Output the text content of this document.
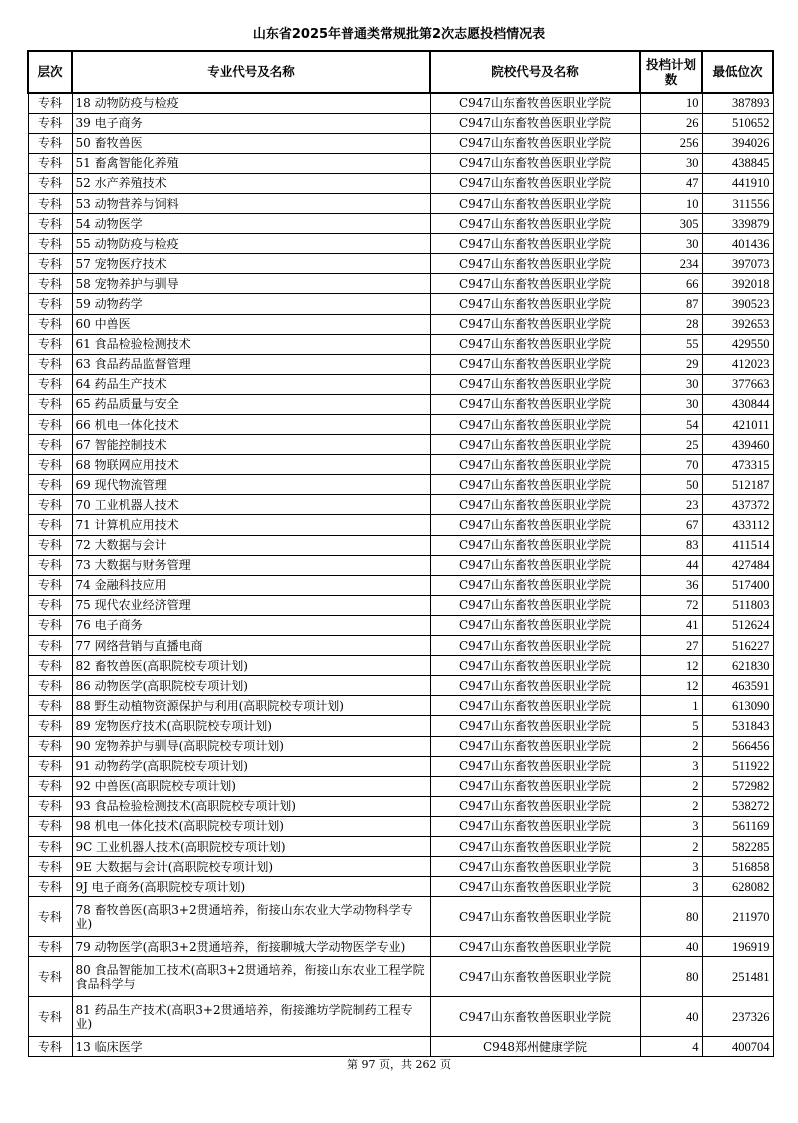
山东省2025年普通类常规批第2次志愿投档情况表
层次	专业代号及名称	院校代号及名称	投档计划数	最低位次
专科	18 动物防疫与检疫	C947山东畜牧兽医职业学院	10	387893
专科	39 电子商务	C947山东畜牧兽医职业学院	26	510652
专科	50 畜牧兽医	C947山东畜牧兽医职业学院	256	394026
专科	51 畜禽智能化养殖	C947山东畜牧兽医职业学院	30	438845
专科	52 水产养殖技术	C947山东畜牧兽医职业学院	47	441910
专科	53 动物营养与饲料	C947山东畜牧兽医职业学院	10	311556
专科	54 动物医学	C947山东畜牧兽医职业学院	305	339879
专科	55 动物防疫与检疫	C947山东畜牧兽医职业学院	30	401436
专科	57 宠物医疗技术	C947山东畜牧兽医职业学院	234	397073
专科	58 宠物养护与驯导	C947山东畜牧兽医职业学院	66	392018
专科	59 动物药学	C947山东畜牧兽医职业学院	87	390523
专科	60 中兽医	C947山东畜牧兽医职业学院	28	392653
专科	61 食品检验检测技术	C947山东畜牧兽医职业学院	55	429550
专科	63 食品药品监督管理	C947山东畜牧兽医职业学院	29	412023
专科	64 药品生产技术	C947山东畜牧兽医职业学院	30	377663
专科	65 药品质量与安全	C947山东畜牧兽医职业学院	30	430844
专科	66 机电一体化技术	C947山东畜牧兽医职业学院	54	421011
专科	67 智能控制技术	C947山东畜牧兽医职业学院	25	439460
专科	68 物联网应用技术	C947山东畜牧兽医职业学院	70	473315
专科	69 现代物流管理	C947山东畜牧兽医职业学院	50	512187
专科	70 工业机器人技术	C947山东畜牧兽医职业学院	23	437372
专科	71 计算机应用技术	C947山东畜牧兽医职业学院	67	433112
专科	72 大数据与会计	C947山东畜牧兽医职业学院	83	411514
专科	73 大数据与财务管理	C947山东畜牧兽医职业学院	44	427484
专科	74 金融科技应用	C947山东畜牧兽医职业学院	36	517400
专科	75 现代农业经济管理	C947山东畜牧兽医职业学院	72	511803
专科	76 电子商务	C947山东畜牧兽医职业学院	41	512624
专科	77 网络营销与直播电商	C947山东畜牧兽医职业学院	27	516227
专科	82 畜牧兽医(高职院校专项计划)	C947山东畜牧兽医职业学院	12	621830
专科	86 动物医学(高职院校专项计划)	C947山东畜牧兽医职业学院	12	463591
专科	88 野生动植物资源保护与利用(高职院校专项计划)	C947山东畜牧兽医职业学院	1	613090
专科	89 宠物医疗技术(高职院校专项计划)	C947山东畜牧兽医职业学院	5	531843
专科	90 宠物养护与驯导(高职院校专项计划)	C947山东畜牧兽医职业学院	2	566456
专科	91 动物药学(高职院校专项计划)	C947山东畜牧兽医职业学院	3	511922
专科	92 中兽医(高职院校专项计划)	C947山东畜牧兽医职业学院	2	572982
专科	93 食品检验检测技术(高职院校专项计划)	C947山东畜牧兽医职业学院	2	538272
专科	98 机电一体化技术(高职院校专项计划)	C947山东畜牧兽医职业学院	3	561169
专科	9C 工业机器人技术(高职院校专项计划)	C947山东畜牧兽医职业学院	2	582285
专科	9E 大数据与会计(高职院校专项计划)	C947山东畜牧兽医职业学院	3	516858
专科	9J 电子商务(高职院校专项计划)	C947山东畜牧兽医职业学院	3	628082
专科	78 畜牧兽医(高职3+2贯通培养，衔接山东农业大学动物科学专业)	C947山东畜牧兽医职业学院	80	211970
专科	79 动物医学(高职3+2贯通培养，衔接聊城大学动物医学专业)	C947山东畜牧兽医职业学院	40	196919
专科	80 食品智能加工技术(高职3+2贯通培养，衔接山东农业工程学院食品科学与	C947山东畜牧兽医职业学院	80	251481
专科	81 药品生产技术(高职3+2贯通培养，衔接潍坊学院制药工程专业)	C947山东畜牧兽医职业学院	40	237326
专科	13 临床医学	C948郑州健康学院	4	400704
第 97 页，共 262 页
